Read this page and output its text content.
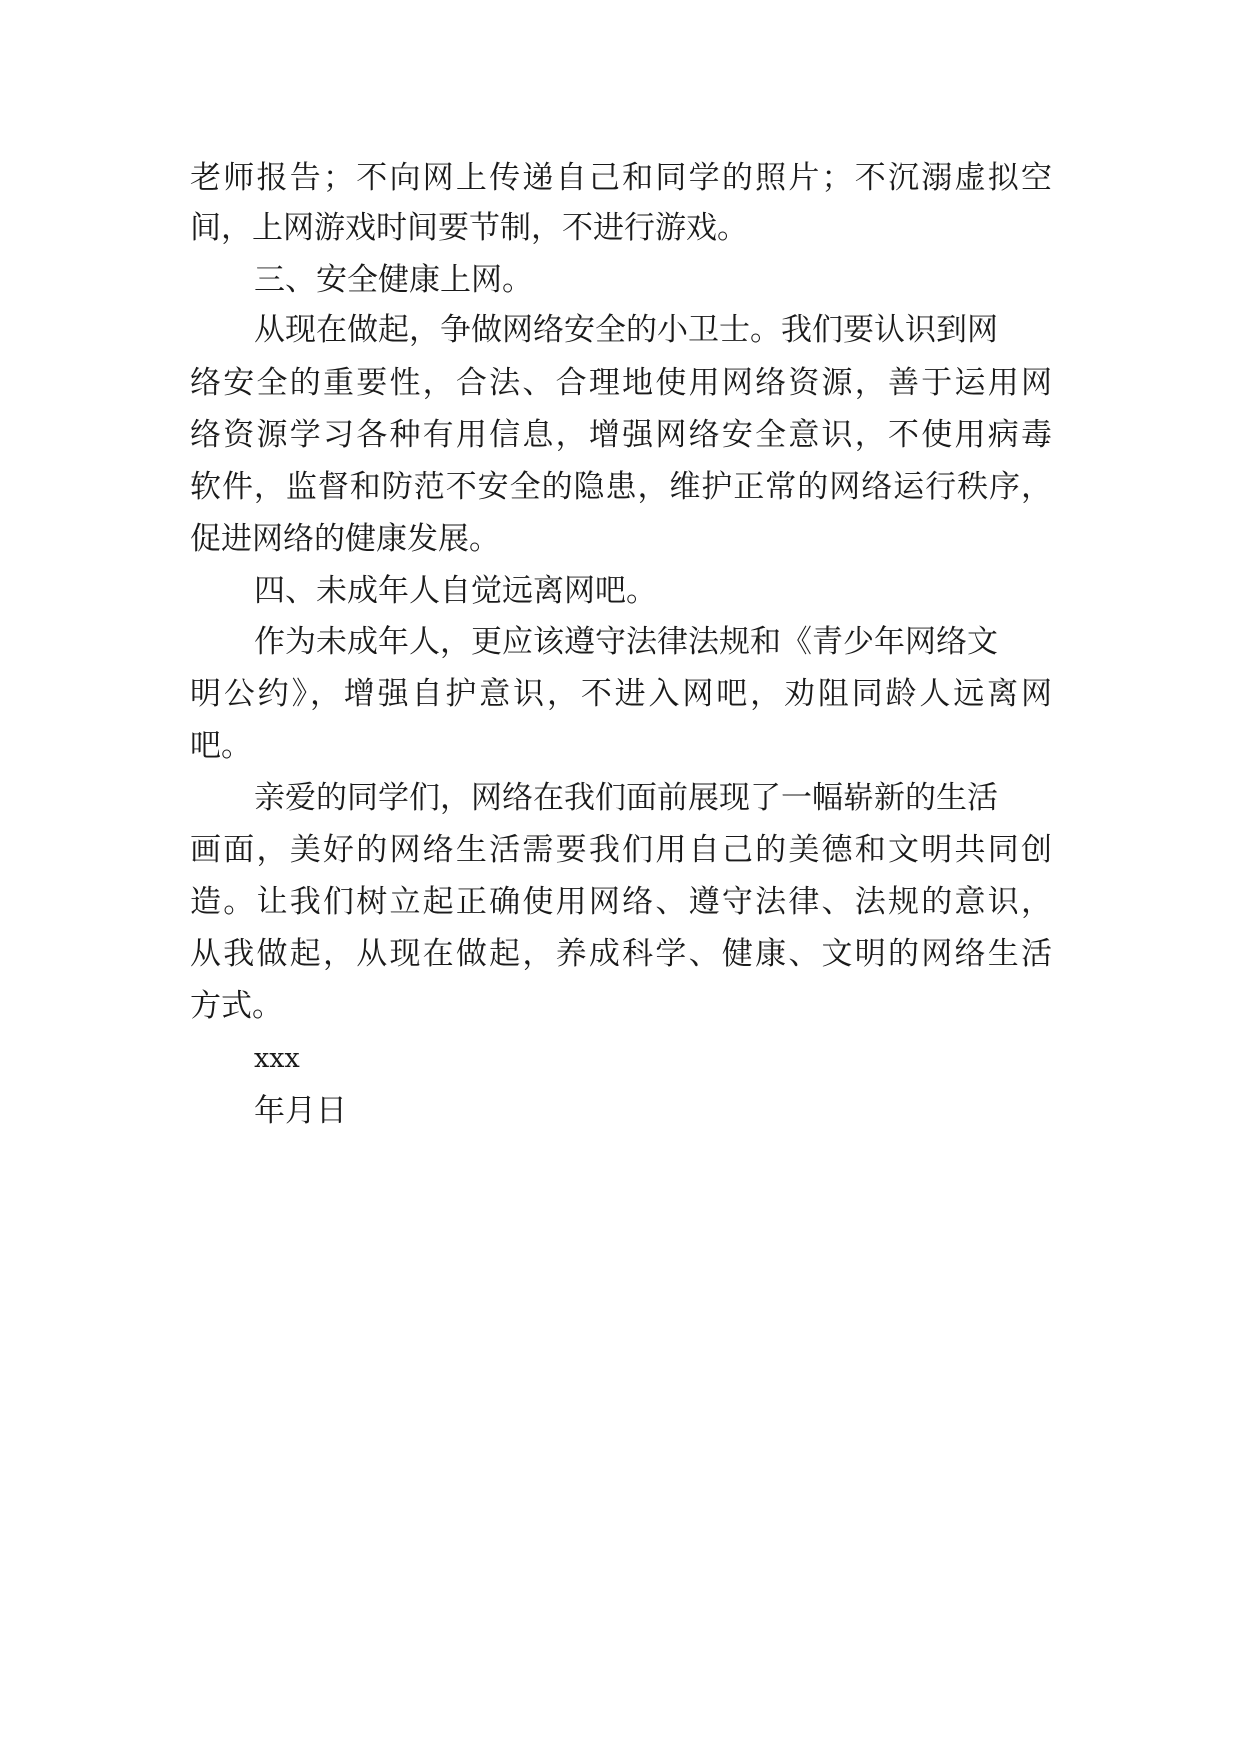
老师报告；不向网上传递自己和同学的照片；不沉溺虚拟空
间，上网游戏时间要节制，不进行游戏。
三、安全健康上网。
从现在做起，争做网络安全的小卫士。我们要认识到网
络安全的重要性，合法、合理地使用网络资源，善于运用网
络资源学习各种有用信息，增强网络安全意识，不使用病毒
软件，监督和防范不安全的隐患，维护正常的网络运行秩序，
促进网络的健康发展。
四、未成年人自觉远离网吧。
作为未成年人，更应该遵守法律法规和《青少年网络文
明公约》，增强自护意识，不进入网吧，劝阻同龄人远离网
吧。
亲爱的同学们，网络在我们面前展现了一幅崭新的生活
画面，美好的网络生活需要我们用自己的美德和文明共同创
造。让我们树立起正确使用网络、遵守法律、法规的意识，
从我做起，从现在做起，养成科学、健康、文明的网络生活
方式。
xxx
年月日
